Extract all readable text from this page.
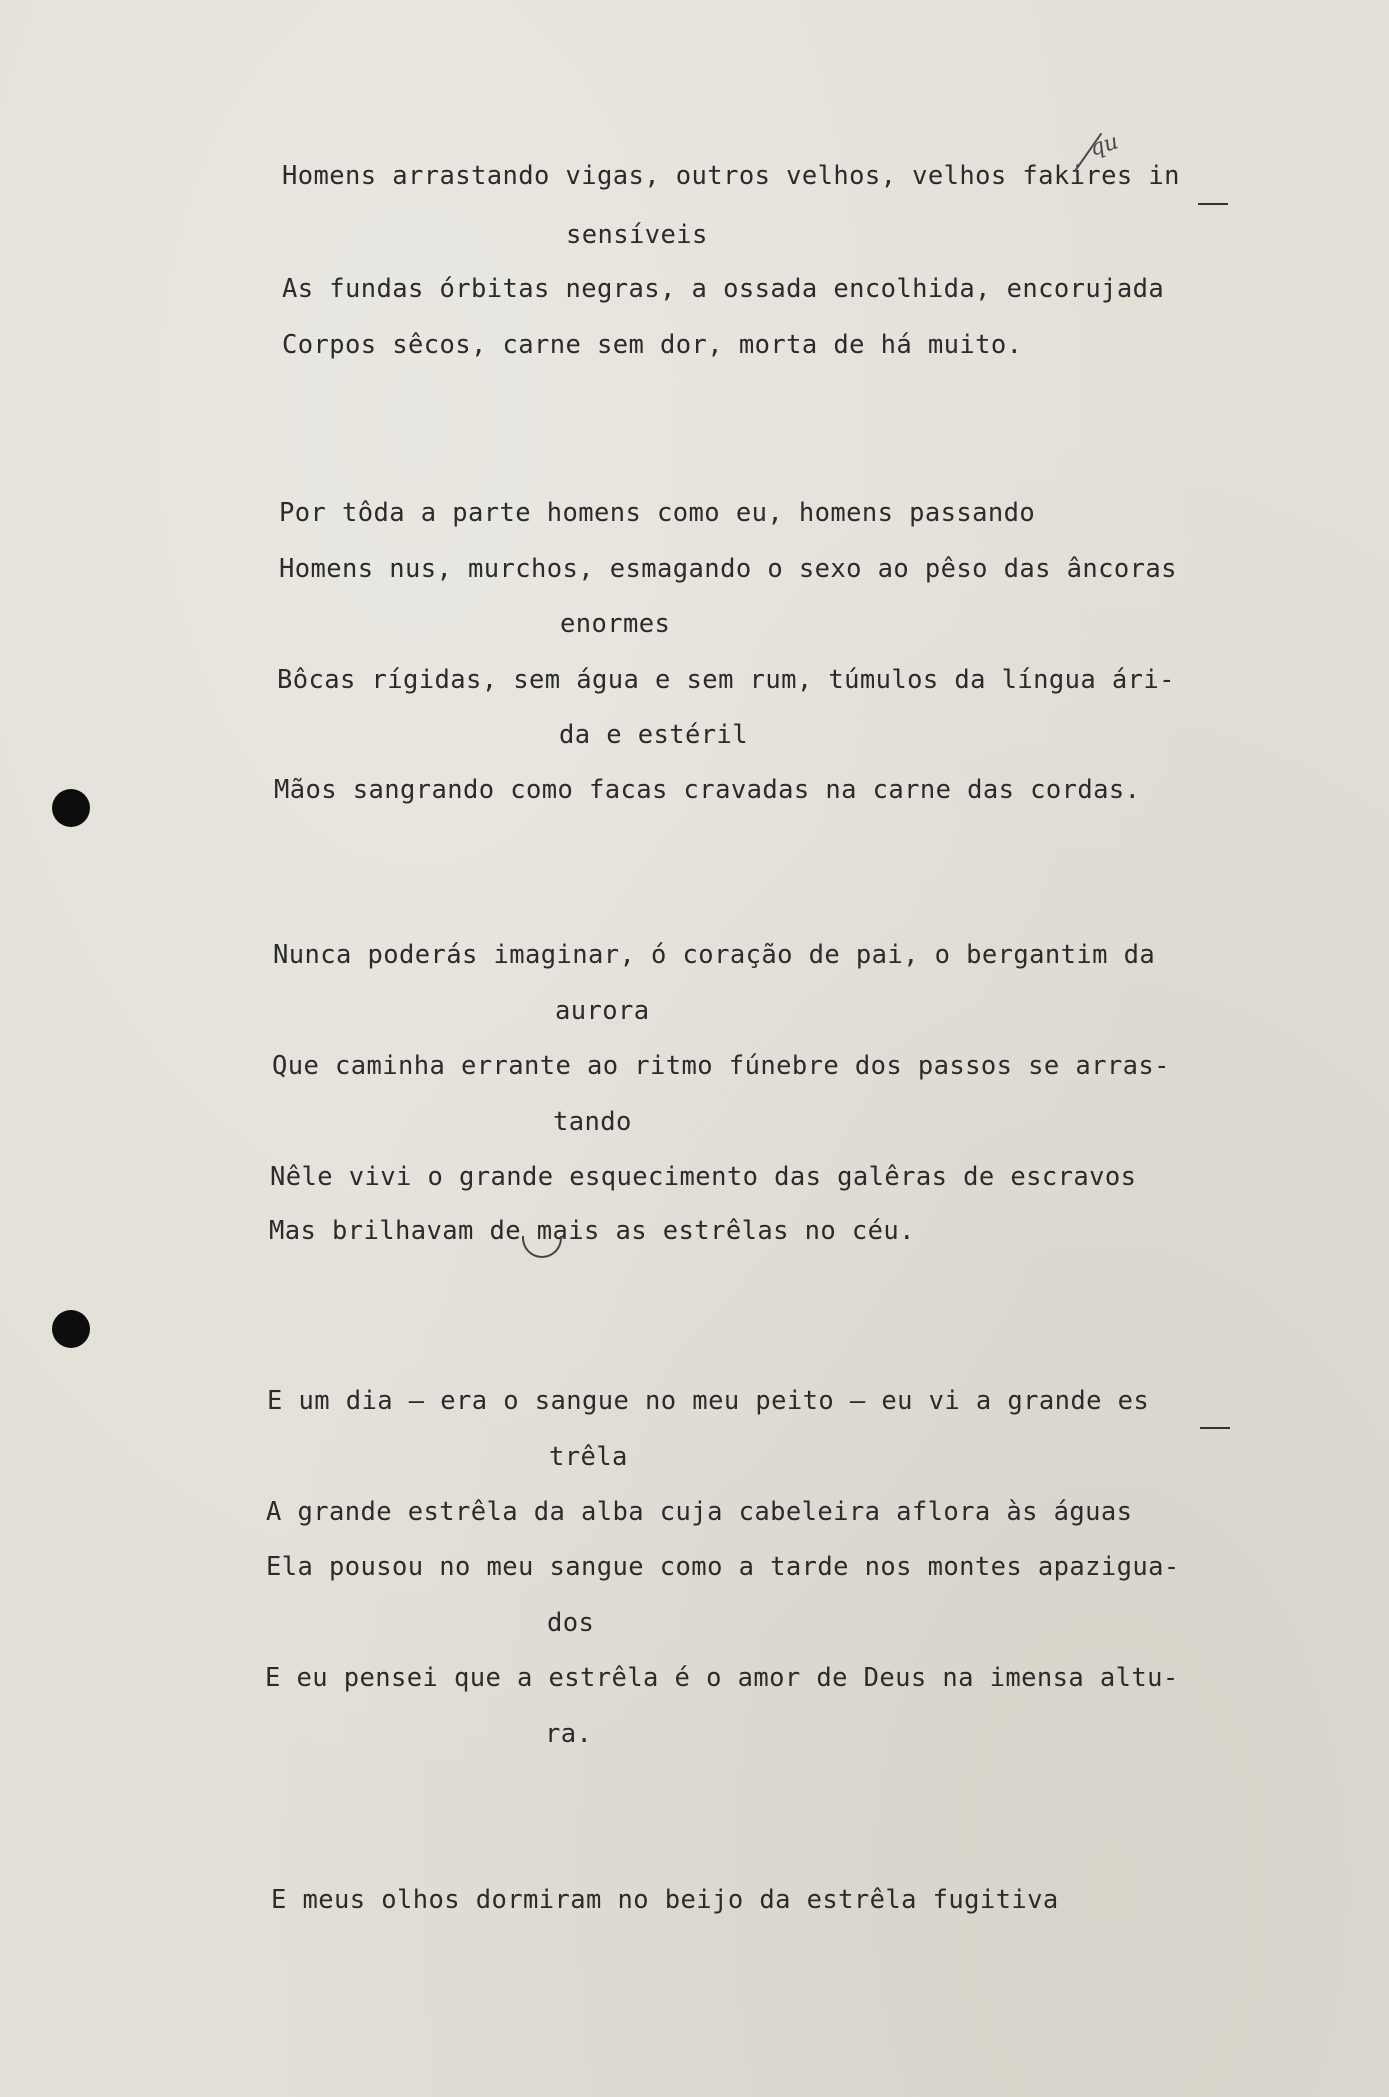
Homens arrastando vigas, outros velhos, velhos fakires in

sensíveis

As fundas órbitas negras, a ossada encolhida, encorujada

Corpos sêcos, carne sem dor, morta de há muito.

Por tôda a parte homens como eu, homens passando

Homens nus, murchos, esmagando o sexo ao pêso das âncoras

enormes

Bôcas rígidas, sem água e sem rum, túmulos da língua ári-

da e estéril

Mãos sangrando como facas cravadas na carne das cordas.

Nunca poderás imaginar, ó coração de pai, o bergantim da

aurora

Que caminha errante ao ritmo fúnebre dos passos se arras-

tando

Nêle vivi o grande esquecimento das galêras de escravos

Mas brilhavam de mais as estrêlas no céu.

E um dia — era o sangue no meu peito — eu vi a grande es

trêla

A grande estrêla da alba cuja cabeleira aflora às águas

Ela pousou no meu sangue como a tarde nos montes apazigua-

dos

E eu pensei que a estrêla é o amor de Deus na imensa altu-

ra.

E meus olhos dormiram no beijo da estrêla fugitiva

qu
